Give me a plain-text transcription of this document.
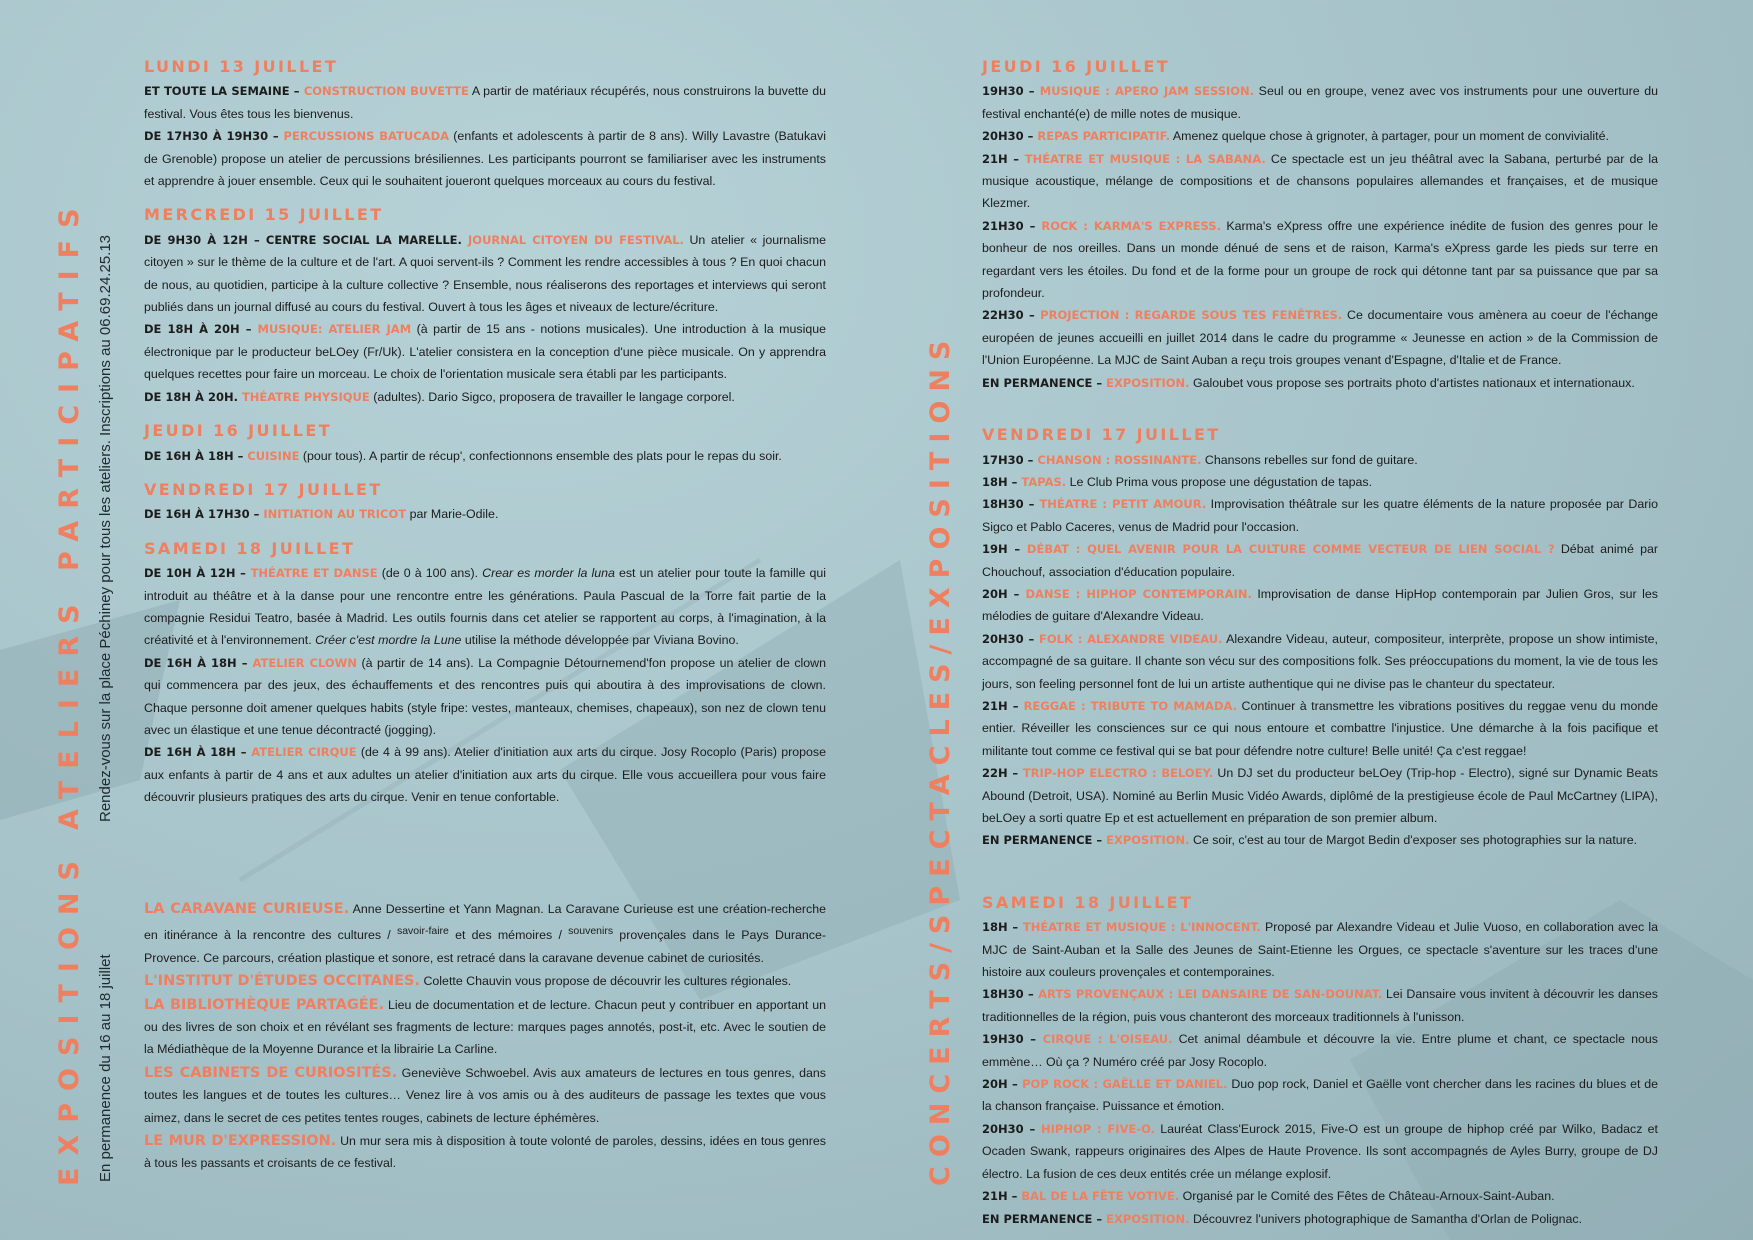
ATELIERS PARTICIPATIFS Rendez-vous sur la place Péchiney pour tous les ateliers. Inscriptions au 06.69.24.25.13
EXPOSITIONS En permanence du 16 au 18 juillet	CONCERTS/SPECTACLES/EXPOSITIONS
LUNDI 13 JUILLET

ET TOUTE LA SEMAINE – CONSTRUCTION BUVETTE A partir de matériaux récupérés, nous construirons la buvette du festival. Vous êtes tous les bienvenus.

DE 17H30 À 19H30 – PERCUSSIONS BATUCADA (enfants et adolescents à partir de 8 ans). Willy Lavastre (Batukavi de Grenoble) propose un atelier de percussions brésiliennes. Les participants pourront se familiariser avec les instruments et apprendre à jouer ensemble. Ceux qui le souhaitent joueront quelques morceaux au cours du festival.

MERCREDI 15 JUILLET

DE 9H30 À 12H – CENTRE SOCIAL LA MARELLE. JOURNAL CITOYEN DU FESTIVAL. Un atelier « journalisme citoyen » sur le thème de la culture et de l'art. A quoi servent-ils ? Comment les rendre accessibles à tous ? En quoi chacun de nous, au quotidien, participe à la culture collective ? Ensemble, nous réaliserons des reportages et interviews qui seront publiés dans un journal diffusé au cours du festival. Ouvert à tous les âges et niveaux de lecture/écriture.

DE 18H À 20H – MUSIQUE: ATELIER JAM (à partir de 15 ans - notions musicales). Une introduction à la musique électronique par le producteur beLOey (Fr/Uk). L'atelier consistera en la conception d'une pièce musicale. On y apprendra quelques recettes pour faire un morceau. Le choix de l'orientation musicale sera établi par les participants.

DE 18H À 20H. THÉATRE PHYSIQUE (adultes). Dario Sigco, proposera de travailler le langage corporel.

JEUDI 16 JUILLET

DE 16H À 18H – CUISINE (pour tous). A partir de récup', confectionnons ensemble des plats pour le repas du soir.

VENDREDI 17 JUILLET

DE 16H À 17H30 – INITIATION AU TRICOT par Marie-Odile.

SAMEDI 18 JUILLET

DE 10H À 12H – THÉATRE ET DANSE (de 0 à 100 ans). Crear es morder la luna est un atelier pour toute la famille qui introduit au théâtre et à la danse pour une rencontre entre les générations. Paula Pascual de la Torre fait partie de la compagnie Residui Teatro, basée à Madrid. Les outils fournis dans cet atelier se rapportent au corps, à l'imagination, à la créativité et à l'environnement. Créer c'est mordre la Lune utilise la méthode développée par Viviana Bovino.

DE 16H À 18H – ATELIER CLOWN (à partir de 14 ans). La Compagnie Détournemend'fon propose un atelier de clown qui commencera par des jeux, des échauffements et des rencontres puis qui aboutira à des improvisations de clown. Chaque personne doit amener quelques habits (style fripe: vestes, manteaux, chemises, chapeaux), son nez de clown tenu avec un élastique et une tenue décontracté (jogging).

DE 16H À 18H – ATELIER CIRQUE (de 4 à 99 ans). Atelier d'initiation aux arts du cirque. Josy Rocoplo (Paris) propose aux enfants à partir de 4 ans et aux adultes un atelier d'initiation aux arts du cirque. Elle vous accueillera pour vous faire découvrir plusieurs pratiques des arts du cirque. Venir en tenue confortable.

LA CARAVANE CURIEUSE. Anne Dessertine et Yann Magnan. La Caravane Curieuse est une création-recherche en itinérance à la rencontre des cultures / $^{savoir-faire}$ et des mémoires / $^{souvenirs}$ provençales dans le Pays Durance-Provence. Ce parcours, création plastique et sonore, est retracé dans la caravane devenue cabinet de curiosités.

L'INSTITUT D'ÉTUDES OCCITANES. Colette Chauvin vous propose de découvrir les cultures régionales.

LA BIBLIOTHÈQUE PARTAGÉE. Lieu de documentation et de lecture. Chacun peut y contribuer en apportant un ou des livres de son choix et en révélant ses fragments de lecture: marques pages annotés, post-it, etc. Avec le soutien de la Médiathèque de la Moyenne Durance et la librairie La Carline.

LES CABINETS DE CURIOSITÉS. Geneviève Schwoebel. Avis aux amateurs de lectures en tous genres, dans toutes les langues et de toutes les cultures… Venez lire à vos amis ou à des auditeurs de passage les textes que vous aimez, dans le secret de ces petites tentes rouges, cabinets de lecture éphémères.

LE MUR D'EXPRESSION. Un mur sera mis à disposition à toute volonté de paroles, dessins, idées en tous genres à tous les passants et croisants de ce festival.

JEUDI 16 JUILLET

19H30 – MUSIQUE : APERO JAM SESSION. Seul ou en groupe, venez avec vos instruments pour une ouverture du festival enchanté(e) de mille notes de musique.

20H30 – REPAS PARTICIPATIF. Amenez quelque chose à grignoter, à partager, pour un moment de convivialité.

21H – THÉATRE ET MUSIQUE : LA SABANA. Ce spectacle est un jeu théâtral avec la Sabana, perturbé par de la musique acoustique, mélange de compositions et de chansons populaires allemandes et françaises, et de musique Klezmer.

21H30 – ROCK : KARMA'S EXPRESS. Karma's eXpress offre une expérience inédite de fusion des genres pour le bonheur de nos oreilles. Dans un monde dénué de sens et de raison, Karma's eXpress garde les pieds sur terre en regardant vers les étoiles. Du fond et de la forme pour un groupe de rock qui détonne tant par sa puissance que par sa profondeur.

22H30 – PROJECTION : REGARDE SOUS TES FENÊTRES. Ce documentaire vous amènera au coeur de l'échange européen de jeunes accueilli en juillet 2014 dans le cadre du programme « Jeunesse en action » de la Commission de l'Union Européenne. La MJC de Saint Auban a reçu trois groupes venant d'Espagne, d'Italie et de France.

EN PERMANENCE – EXPOSITION. Galoubet vous propose ses portraits photo d'artistes nationaux et internationaux.

VENDREDI 17 JUILLET

17H30 – CHANSON : ROSSINANTE. Chansons rebelles sur fond de guitare.

18H – TAPAS. Le Club Prima vous propose une dégustation de tapas.

18H30 – THÉATRE : PETIT AMOUR. Improvisation théâtrale sur les quatre éléments de la nature proposée par Dario Sigco et Pablo Caceres, venus de Madrid pour l'occasion.

19H – DÉBAT : QUEL AVENIR POUR LA CULTURE COMME VECTEUR DE LIEN SOCIAL ? Débat animé par Chouchouf, association d'éducation populaire.

20H – DANSE : HIPHOP CONTEMPORAIN. Improvisation de danse HipHop contemporain par Julien Gros, sur les mélodies de guitare d'Alexandre Videau.

20H30 – FOLK : ALEXANDRE VIDEAU. Alexandre Videau, auteur, compositeur, interprète, propose un show intimiste, accompagné de sa guitare. Il chante son vécu sur des compositions folk. Ses préoccupations du moment, la vie de tous les jours, son feeling personnel font de lui un artiste authentique qui ne divise pas le chanteur du spectateur.

21H – REGGAE : TRIBUTE TO MAMADA. Continuer à transmettre les vibrations positives du reggae venu du monde entier. Réveiller les consciences sur ce qui nous entoure et combattre l'injustice. Une démarche à la fois pacifique et militante tout comme ce festival qui se bat pour défendre notre culture! Belle unité! Ça c'est reggae!

22H – TRIP-HOP ELECTRO : BELOEY. Un DJ set du producteur beLOey (Trip-hop - Electro), signé sur Dynamic Beats Abound (Detroit, USA). Nominé au Berlin Music Vidéo Awards, diplômé de la prestigieuse école de Paul McCartney (LIPA), beLOey a sorti quatre Ep et est actuellement en préparation de son premier album.

EN PERMANENCE – EXPOSITION. Ce soir, c'est au tour de Margot Bedin d'exposer ses photographies sur la nature.

SAMEDI 18 JUILLET

18H – THÉATRE ET MUSIQUE : L'INNOCENT. Proposé par Alexandre Videau et Julie Vuoso, en collaboration avec la MJC de Saint-Auban et la Salle des Jeunes de Saint-Etienne les Orgues, ce spectacle s'aventure sur les traces d'une histoire aux couleurs provençales et contemporaines.

18H30 – ARTS PROVENÇAUX : LEI DANSAIRE DE SAN-DOUNAT. Lei Dansaire vous invitent à découvrir les danses traditionnelles de la région, puis vous chanteront des morceaux traditionnels à l'unisson.

19H30 – CIRQUE : L'OISEAU. Cet animal déambule et découvre la vie. Entre plume et chant, ce spectacle nous emmène… Où ça ? Numéro créé par Josy Rocoplo.

20H – POP ROCK : GAËLLE ET DANIEL. Duo pop rock, Daniel et Gaëlle vont chercher dans les racines du blues et de la chanson française. Puissance et émotion.

20H30 – HIPHOP : FIVE-O. Lauréat Class'Eurock 2015, Five-O est un groupe de hiphop créé par Wilko, Badacz et Ocaden Swank, rappeurs originaires des Alpes de Haute Provence. Ils sont accompagnés de Ayles Burry, groupe de DJ électro. La fusion de ces deux entités crée un mélange explosif.

21H – BAL DE LA FÊTE VOTIVE. Organisé par le Comité des Fêtes de Château-Arnoux-Saint-Auban.

EN PERMANENCE – EXPOSITION. Découvrez l'univers photographique de Samantha d'Orlan de Polignac.
